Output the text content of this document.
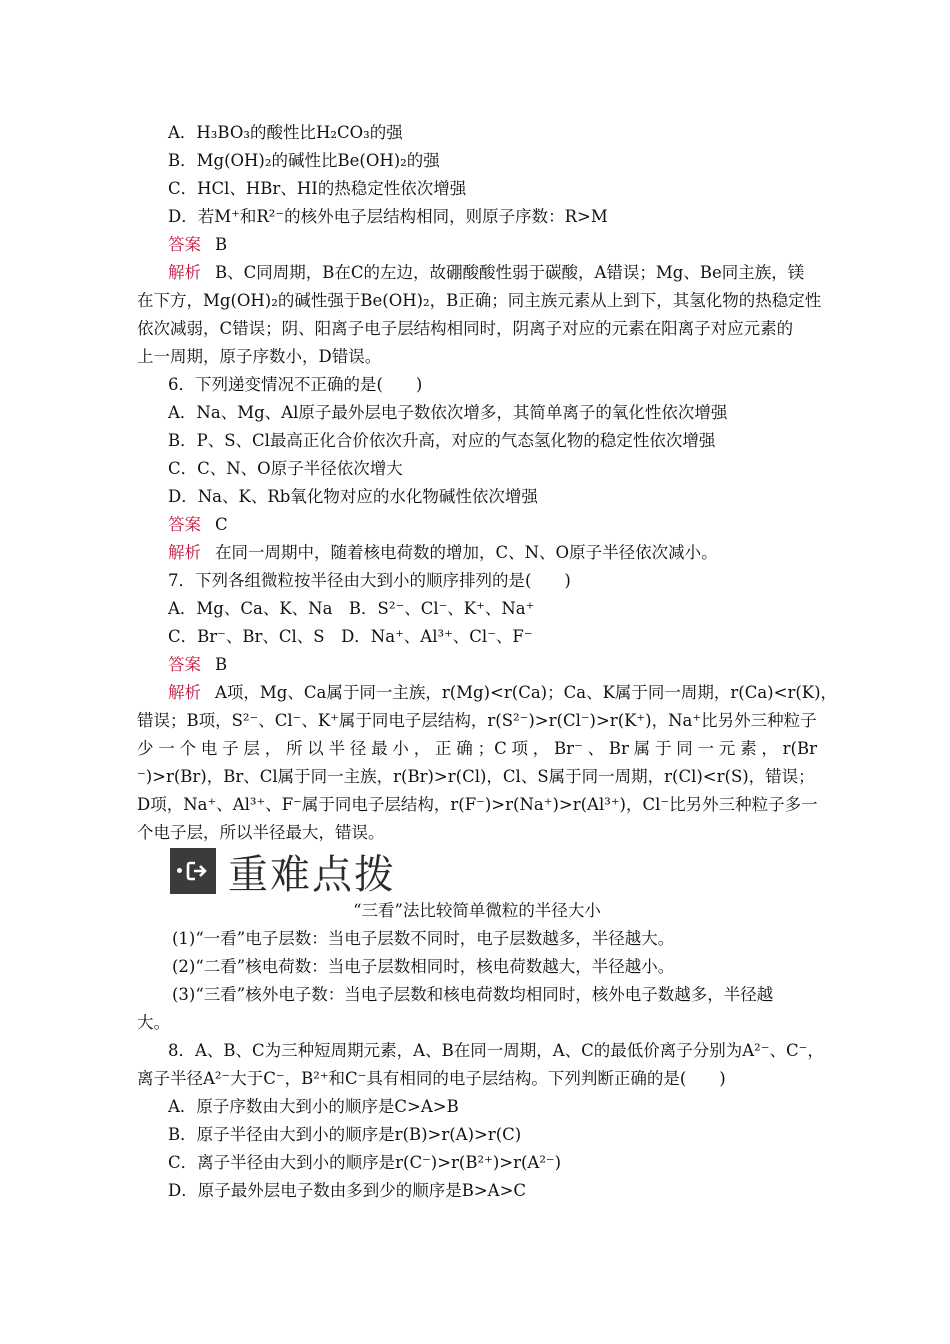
A．H₃BO₃的酸性比H₂CO₃的强
B．Mg(OH)₂的碱性比Be(OH)₂的强
C．HCl、HBr、HI的热稳定性依次增强
D．若M⁺和R²⁻的核外电子层结构相同，则原子序数：R>M
答案 B
解析 B、C同周期，B在C的左边，故硼酸酸性弱于碳酸，A错误；Mg、Be同主族，镁
在下方，Mg(OH)₂的碱性强于Be(OH)₂，B正确；同主族元素从上到下，其氢化物的热稳定性
依次减弱，C错误；阴、阳离子电子层结构相同时，阴离子对应的元素在阳离子对应元素的
上一周期，原子序数小，D错误。
6．下列递变情况不正确的是(　　)
A．Na、Mg、Al原子最外层电子数依次增多，其简单离子的氧化性依次增强
B．P、S、Cl最高正化合价依次升高，对应的气态氢化物的稳定性依次增强
C．C、N、O原子半径依次增大
D．Na、K、Rb氧化物对应的水化物碱性依次增强
答案 C
解析 在同一周期中，随着核电荷数的增加，C、N、O原子半径依次减小。
7．下列各组微粒按半径由大到小的顺序排列的是(　　)
A．Mg、Ca、K、Na　B．S²⁻、Cl⁻、K⁺、Na⁺
C．Br⁻、Br、Cl、S　D．Na⁺、Al³⁺、Cl⁻、F⁻
答案 B
解析 A项，Mg、Ca属于同一主族，r(Mg)<r(Ca)；Ca、K属于同一周期，r(Ca)<r(K)，
错误；B项，S²⁻、Cl⁻、K⁺属于同电子层结构，r(S²⁻)>r(Cl⁻)>r(K⁺)，Na⁺比另外三种粒子
少一个电子层，所以半径最小，正确；C项，Br⁻、Br属于同一元素，r(Br
⁻)>r(Br)，Br、Cl属于同一主族，r(Br)>r(Cl)，Cl、S属于同一周期，r(Cl)<r(S)，错误；
D项，Na⁺、Al³⁺、F⁻属于同电子层结构，r(F⁻)>r(Na⁺)>r(Al³⁺)，Cl⁻比另外三种粒子多一
个电子层，所以半径最大，错误。
重难点拨
“三看”法比较简单微粒的半径大小
(1)“一看”电子层数：当电子层数不同时，电子层数越多，半径越大。
(2)“二看”核电荷数：当电子层数相同时，核电荷数越大，半径越小。
(3)“三看”核外电子数：当电子层数和核电荷数均相同时，核外电子数越多，半径越
大。
8．A、B、C为三种短周期元素，A、B在同一周期，A、C的最低价离子分别为A²⁻、C⁻，
离子半径A²⁻大于C⁻，B²⁺和C⁻具有相同的电子层结构。下列判断正确的是(　　)
A．原子序数由大到小的顺序是C>A>B
B．原子半径由大到小的顺序是r(B)>r(A)>r(C)
C．离子半径由大到小的顺序是r(C⁻)>r(B²⁺)>r(A²⁻)
D．原子最外层电子数由多到少的顺序是B>A>C
